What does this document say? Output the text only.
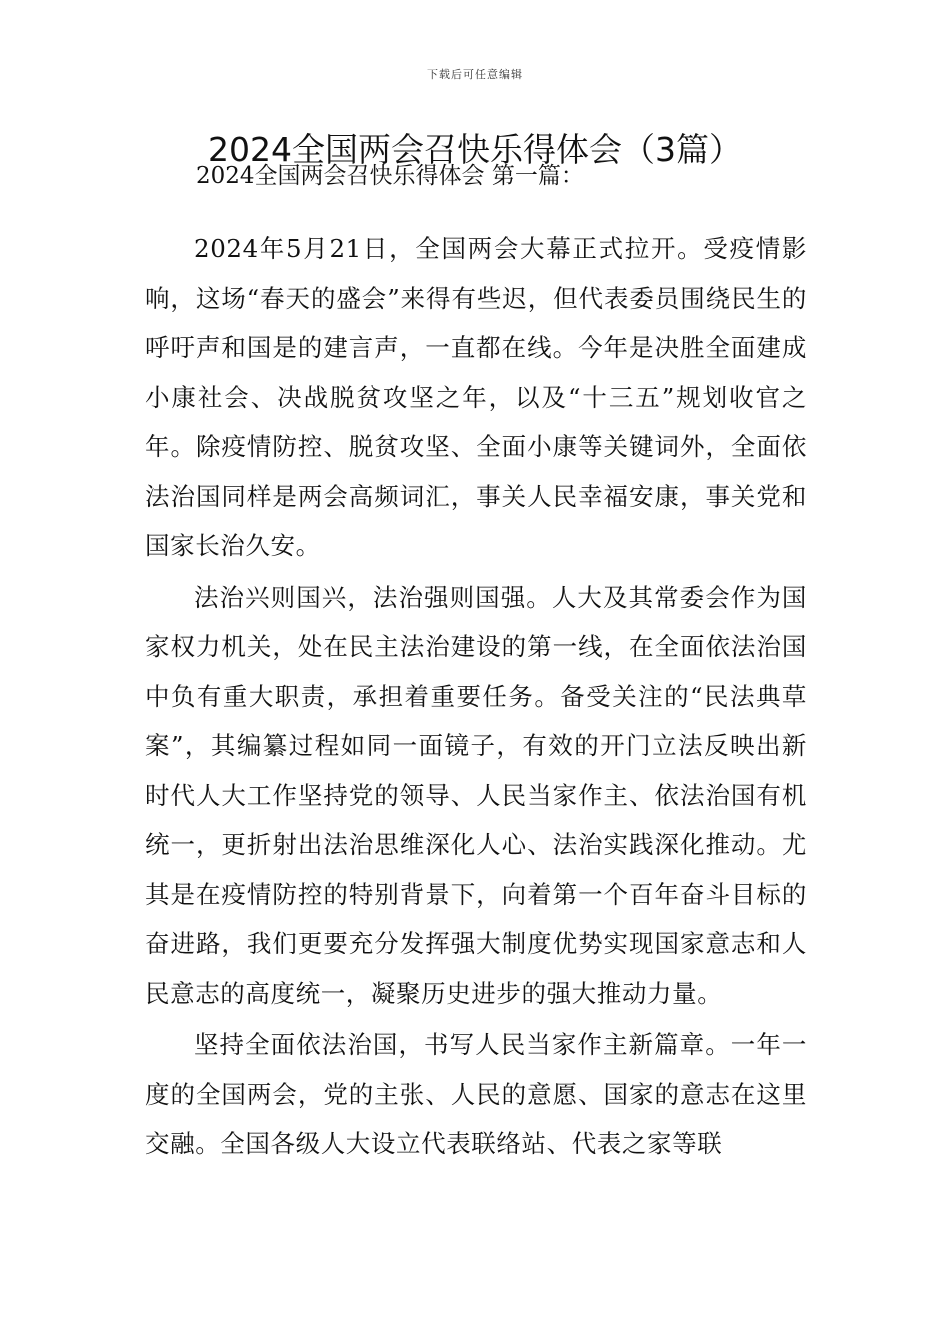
下载后可任意编辑
2024全国两会召快乐得体会（3篇）
2024全国两会召快乐得体会 第一篇：

2024年5月21日，全国两会大幕正式拉开。受疫情影响，这场“春天的盛会”来得有些迟，但代表委员围绕民生的呼吁声和国是的建言声，一直都在线。今年是决胜全面建成小康社会、决战脱贫攻坚之年，以及“十三五”规划收官之年。除疫情防控、脱贫攻坚、全面小康等关键词外，全面依法治国同样是两会高频词汇，事关人民幸福安康，事关党和国家长治久安。

法治兴则国兴，法治强则国强。人大及其常委会作为国家权力机关，处在民主法治建设的第一线，在全面依法治国中负有重大职责，承担着重要任务。备受关注的“民法典草案”，其编纂过程如同一面镜子，有效的开门立法反映出新时代人大工作坚持党的领导、人民当家作主、依法治国有机统一，更折射出法治思维深化人心、法治实践深化推动。尤其是在疫情防控的特别背景下，向着第一个百年奋斗目标的奋进路，我们更要充分发挥强大制度优势实现国家意志和人民意志的高度统一，凝聚历史进步的强大推动力量。

坚持全面依法治国，书写人民当家作主新篇章。一年一度的全国两会，党的主张、人民的意愿、国家的意志在这里交融。全国各级人大设立代表联络站、代表之家等联
